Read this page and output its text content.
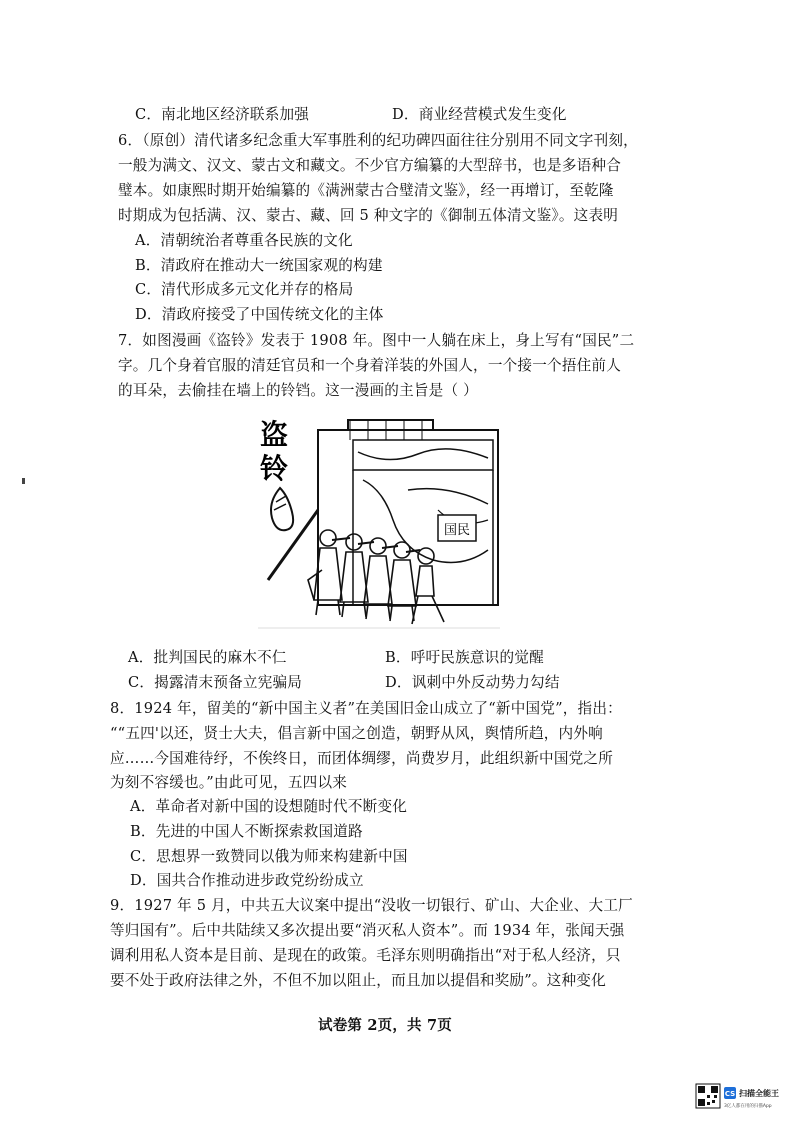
C．南北地区经济联系加强	D．商业经营模式发生变化
6．（原创）清代诸多纪念重大军事胜利的纪功碑四面往往分别用不同文字刊刻，
一般为满文、汉文、蒙古文和藏文。不少官方编纂的大型辞书，也是多语种合
璧本。如康熙时期开始编纂的《满洲蒙古合璧清文鉴》，经一再增订，至乾隆
时期成为包括满、汉、蒙古、藏、回 5 种文字的《御制五体清文鉴》。这表明
A．清朝统治者尊重各民族的文化
B．清政府在推动大一统国家观的构建
C．清代形成多元文化并存的格局
D．清政府接受了中国传统文化的主体
7．如图漫画《盗铃》发表于 1908 年。图中一人躺在床上，身上写有“国民”二
字。几个身着官服的清廷官员和一个身着洋装的外国人，一个接一个捂住前人
的耳朵，去偷挂在墙上的铃铛。这一漫画的主旨是（ ）
盗
铃
国民
A．批判国民的麻木不仁	B．呼吁民族意识的觉醒
C．揭露清末预备立宪骗局	D．讽刺中外反动势力勾结
8．1924 年，留美的“新中国主义者”在美国旧金山成立了“新中国党”，指出：
““五四'以还，贤士大夫，倡言新中国之创造，朝野从风，舆情所趋，内外响
应……今国难待纾，不俟终日，而团体绸缪，尚费岁月，此组织新中国党之所
为刻不容缓也。”由此可见，五四以来
A．革命者对新中国的设想随时代不断变化
B．先进的中国人不断探索救国道路
C．思想界一致赞同以俄为师来构建新中国
D．国共合作推动进步政党纷纷成立
9．1927 年 5 月，中共五大议案中提出“没收一切银行、矿山、大企业、大工厂
等归国有”。后中共陆续又多次提出要“消灭私人资本”。而 1934 年，张闻天强
调利用私人资本是目前、是现在的政策。毛泽东则明确指出“对于私人经济，只
要不处于政府法律之外，不但不加以阻止，而且加以提倡和奖励”。这种变化
试卷第 2页，共 7页
CS 扫描全能王
3亿人都在用的扫描App
